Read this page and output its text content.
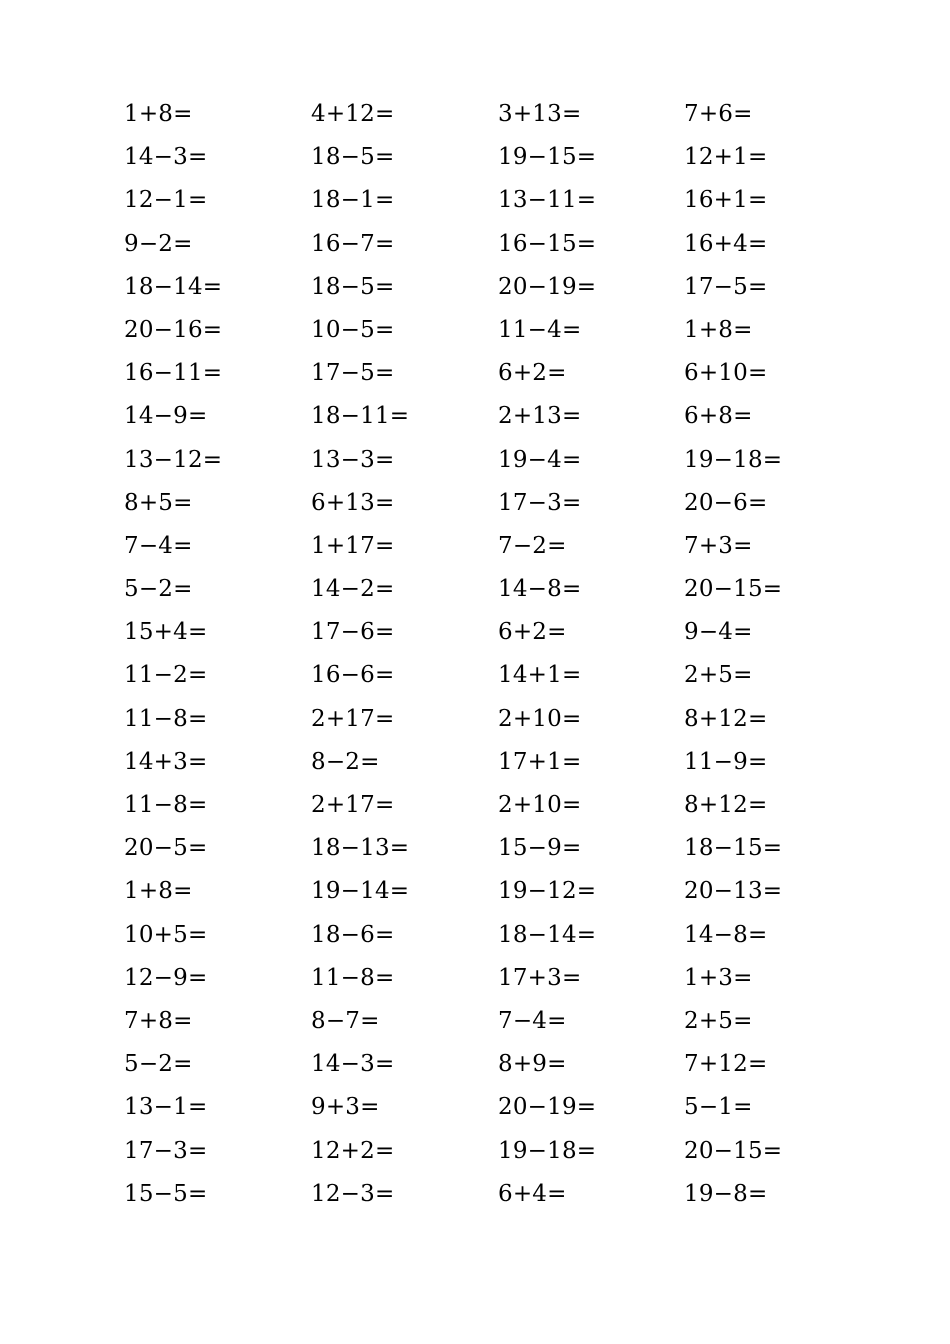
1+8=	4+12=	3+13=	7+6=
14−3=	18−5=	19−15=	12+1=
12−1=	18−1=	13−11=	16+1=
9−2=	16−7=	16−15=	16+4=
18−14=	18−5=	20−19=	17−5=
20−16=	10−5=	11−4=	1+8=
16−11=	17−5=	6+2=	6+10=
14−9=	18−11=	2+13=	6+8=
13−12=	13−3=	19−4=	19−18=
8+5=	6+13=	17−3=	20−6=
7−4=	1+17=	7−2=	7+3=
5−2=	14−2=	14−8=	20−15=
15+4=	17−6=	6+2=	9−4=
11−2=	16−6=	14+1=	2+5=
11−8=	2+17=	2+10=	8+12=
14+3=	8−2=	17+1=	11−9=
11−8=	2+17=	2+10=	8+12=
20−5=	18−13=	15−9=	18−15=
1+8=	19−14=	19−12=	20−13=
10+5=	18−6=	18−14=	14−8=
12−9=	11−8=	17+3=	1+3=
7+8=	8−7=	7−4=	2+5=
5−2=	14−3=	8+9=	7+12=
13−1=	9+3=	20−19=	5−1=
17−3=	12+2=	19−18=	20−15=
15−5=	12−3=	6+4=	19−8=
